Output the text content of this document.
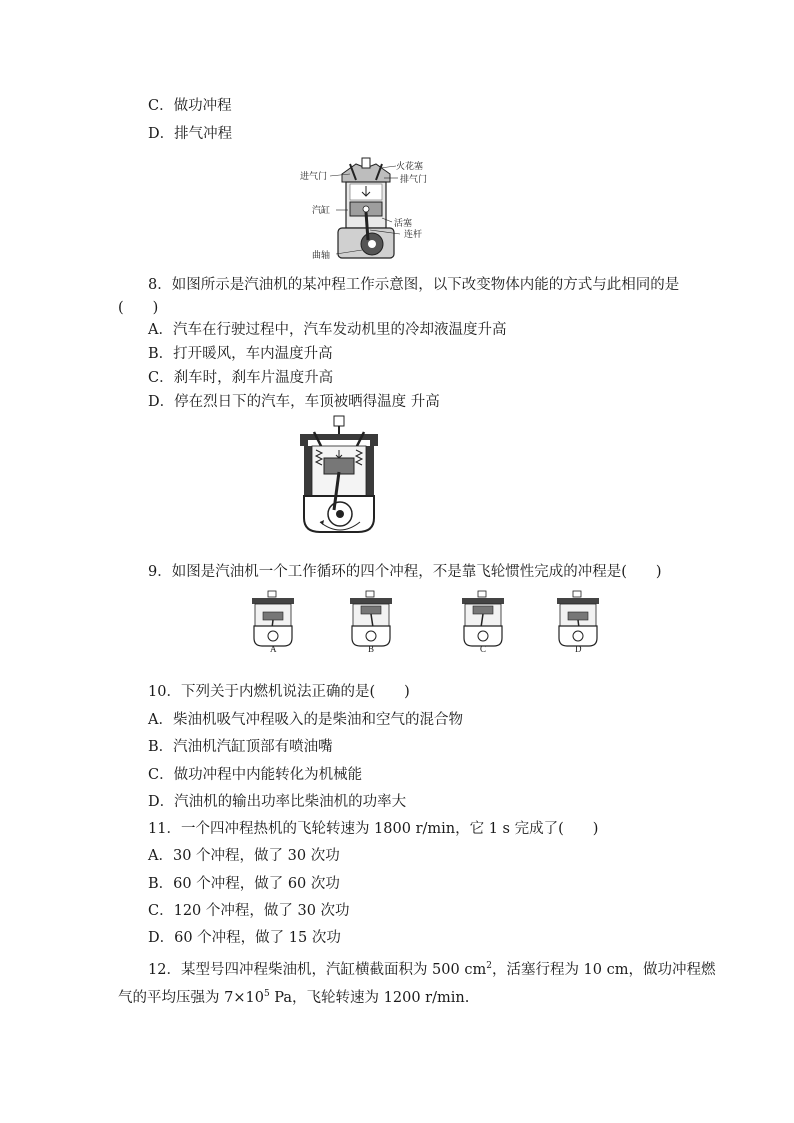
C．做功冲程
D．排气冲程
进气门
火花塞
排气门
汽缸
活塞
连杆
曲轴
8．如图所示是汽油机的某冲程工作示意图，以下改变物体内能的方式与此相同的是
(　　)
A．汽车在行驶过程中，汽车发动机里的冷却液温度升高
B．打开暖风，车内温度升高
C．刹车时，刹车片温度升高
D．停在烈日下的汽车，车顶被晒得温度 升高
9．如图是汽油机一个工作循环的四个冲程，不是靠飞轮惯性完成的冲程是(　　)
A	B	C	D
10．下列关于内燃机说法正确的是(　　)
A．柴油机吸气冲程吸入的是柴油和空气的混合物
B．汽油机汽缸顶部有喷油嘴
C．做功冲程中内能转化为机械能
D．汽油机的输出功率比柴油机的功率大
11．一个四冲程热机的飞轮转速为 1800 r/min，它 1 s 完成了(　　)
A．30 个冲程，做了 30 次功
B．60 个冲程，做了 60 次功
C．120 个冲程，做了 30 次功
D．60 个冲程，做了 15 次功
12．某型号四冲程柴油机，汽缸横截面积为 500 $cm^2$，活塞行程为 10 cm，做功冲程燃
气的平均压强为 $7\times 10^5$ Pa，飞轮转速为 1200 r/min.
